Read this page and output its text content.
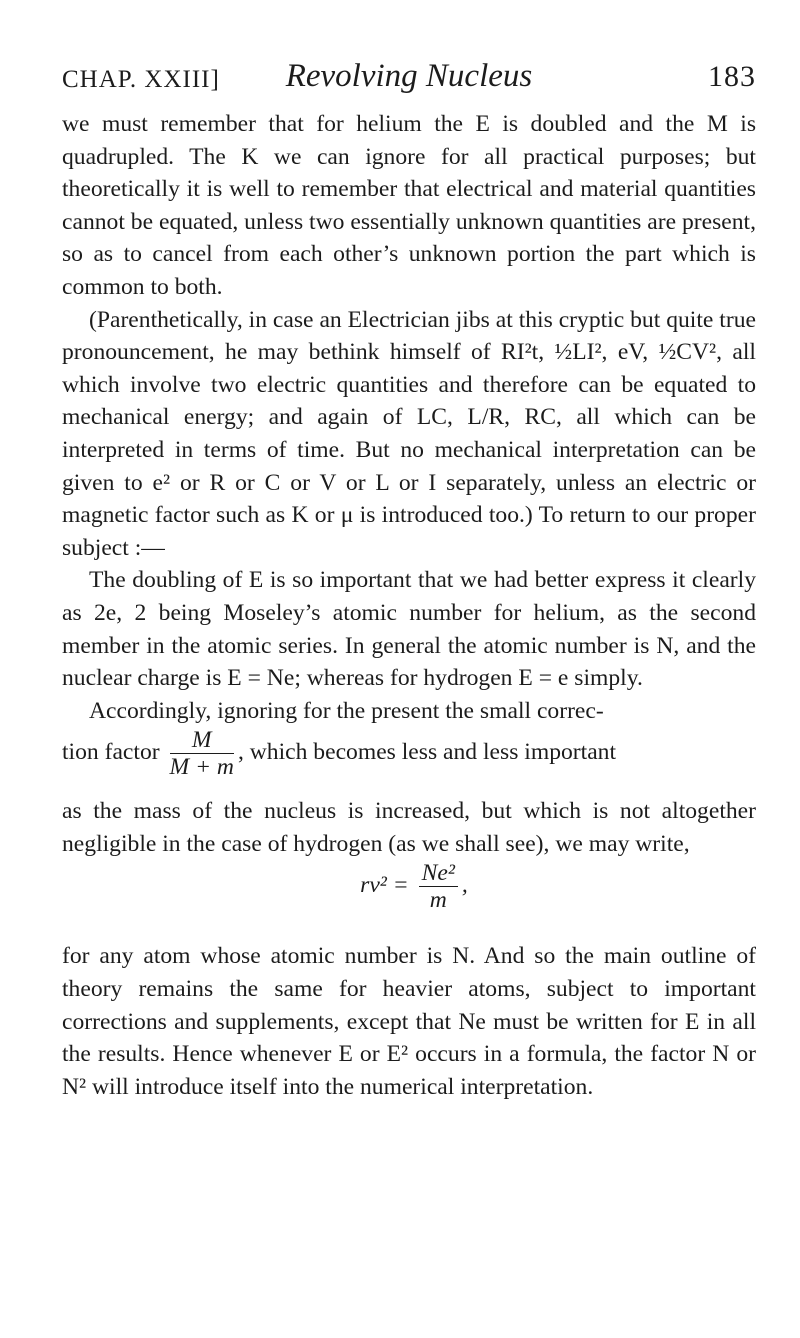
CHAP. XXIII]	Revolving Nucleus	183

we must remember that for helium the E is doubled and the M is quadrupled. The K we can ignore for all practical purposes; but theoretically it is well to remember that electrical and material quantities cannot be equated, unless two essentially unknown quantities are present, so as to cancel from each other’s unknown portion the part which is common to both.

(Parenthetically, in case an Electrician jibs at this cryptic but quite true pronouncement, he may bethink himself of RI²t, ½LI², eV, ½CV², all which involve two electric quantities and therefore can be equated to mechanical energy; and again of LC, L/R, RC, all which can be interpreted in terms of time. But no mechanical interpretation can be given to e² or R or C or V or L or I separately, unless an electric or magnetic factor such as K or μ is introduced too.) To return to our proper subject :—

The doubling of E is so important that we had better express it clearly as 2e, 2 being Moseley’s atomic number for helium, as the second member in the atomic series. In general the atomic number is N, and the nuclear charge is E = Ne; whereas for hydrogen E = e simply.

Accordingly, ignoring for the present the small correc-

tion factor $\frac{M}{M + m}$ , which becomes less and less important

as the mass of the nucleus is increased, but which is not altogether negligible in the case of hydrogen (as we shall see), we may write,

$rv^2 = \frac{\text{Ne²}}{m}$ ,

for any atom whose atomic number is N. And so the main outline of theory remains the same for heavier atoms, subject to important corrections and supplements, except that Ne must be written for E in all the results. Hence whenever E or E² occurs in a formula, the factor N or N² will introduce itself into the numerical interpretation.
